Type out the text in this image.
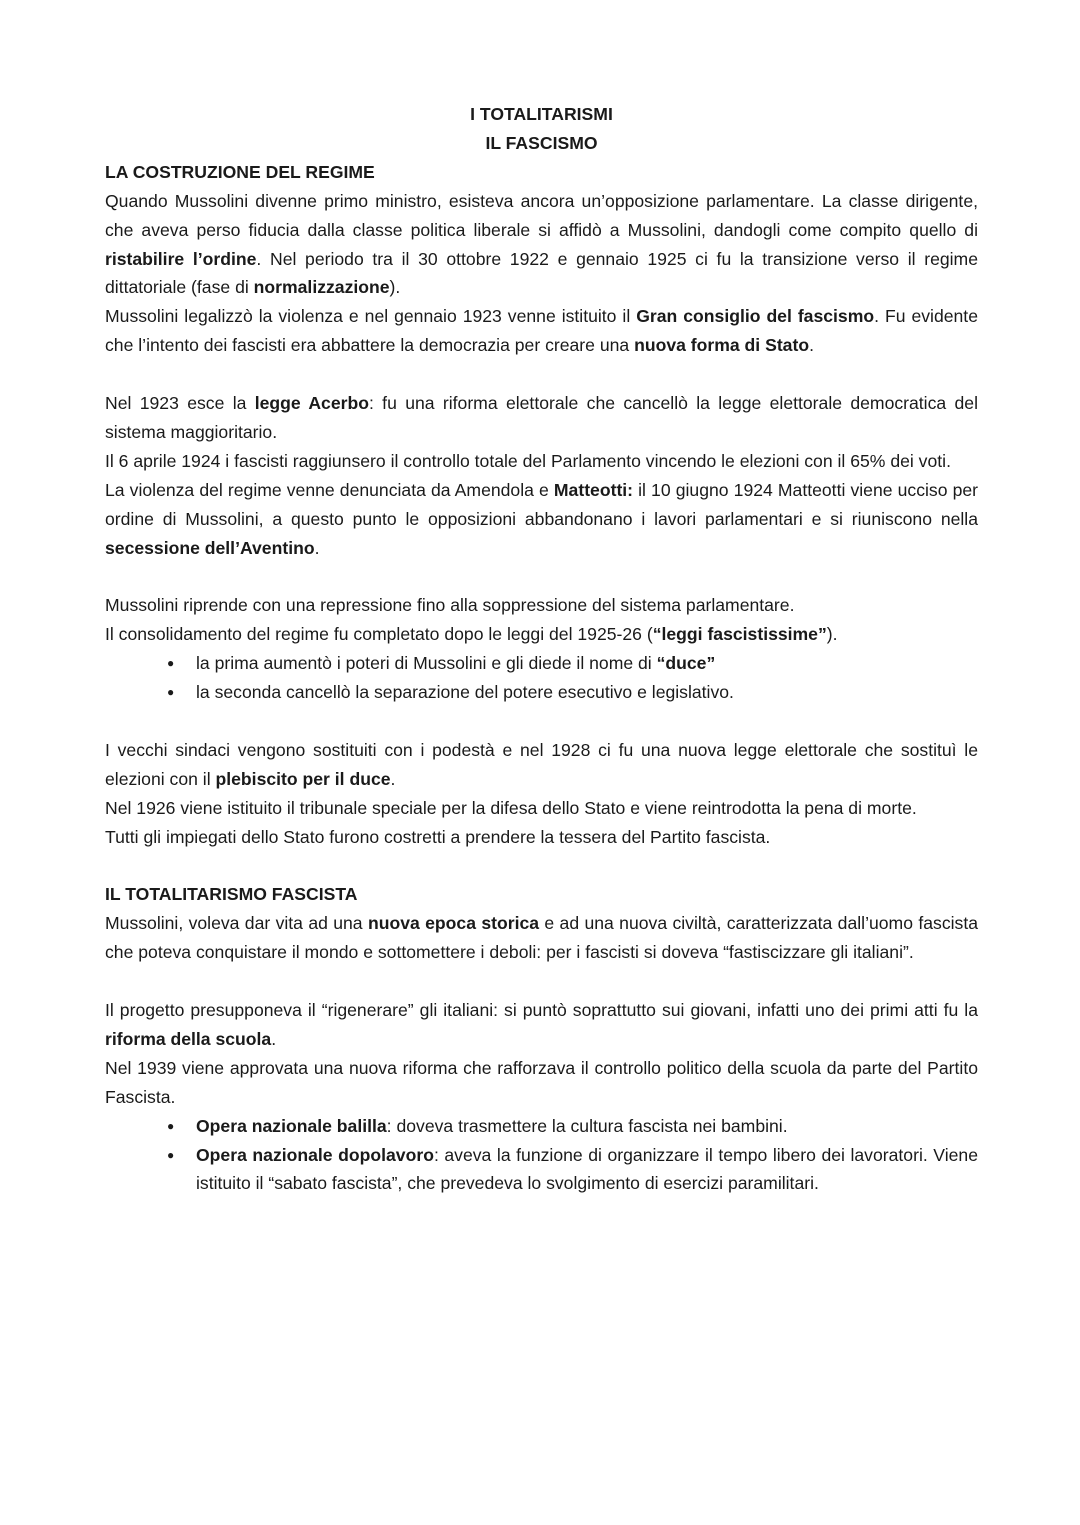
I TOTALITARISMI

IL FASCISMO

LA COSTRUZIONE DEL REGIME

Quando Mussolini divenne primo ministro, esisteva ancora un’opposizione parlamentare. La classe dirigente, che aveva perso fiducia dalla classe politica liberale si affidò a Mussolini, dandogli come compito quello di ristabilire l’ordine. Nel periodo tra il 30 ottobre 1922 e gennaio 1925 ci fu la transizione verso il regime dittatoriale (fase di normalizzazione).

Mussolini legalizzò la violenza e nel gennaio 1923 venne istituito il Gran consiglio del fascismo. Fu evidente che l’intento dei fascisti era abbattere la democrazia per creare una nuova forma di Stato.

Nel 1923 esce la legge Acerbo: fu una riforma elettorale che cancellò la legge elettorale democratica del sistema maggioritario.

Il 6 aprile 1924 i fascisti raggiunsero il controllo totale del Parlamento vincendo le elezioni con il 65% dei voti.

La violenza del regime venne denunciata da Amendola e Matteotti: il 10 giugno 1924 Matteotti viene ucciso per ordine di Mussolini, a questo punto le opposizioni abbandonano i lavori parlamentari e si riuniscono nella secessione dell’Aventino.

Mussolini riprende con una repressione fino alla soppressione del sistema parlamentare.

Il consolidamento del regime fu completato dopo le leggi del 1925-26 (“leggi fascistissime”).

● la prima aumentò i poteri di Mussolini e gli diede il nome di “duce”
● la seconda cancellò la separazione del potere esecutivo e legislativo.

I vecchi sindaci vengono sostituiti con i podestà e nel 1928 ci fu una nuova legge elettorale che sostituì le elezioni con il plebiscito per il duce.

Nel 1926 viene istituito il tribunale speciale per la difesa dello Stato e viene reintrodotta la pena di morte.

Tutti gli impiegati dello Stato furono costretti a prendere la tessera del Partito fascista.

IL TOTALITARISMO FASCISTA

Mussolini, voleva dar vita ad una nuova epoca storica e ad una nuova civiltà, caratterizzata dall’uomo fascista che poteva conquistare il mondo e sottomettere i deboli: per i fascisti si doveva “fastiscizzare gli italiani”.

Il progetto presupponeva il “rigenerare” gli italiani: si puntò soprattutto sui giovani, infatti uno dei primi atti fu la riforma della scuola.

Nel 1939 viene approvata una nuova riforma che rafforzava il controllo politico della scuola da parte del Partito Fascista.

● Opera nazionale balilla: doveva trasmettere la cultura fascista nei bambini.
● Opera nazionale dopolavoro: aveva la funzione di organizzare il tempo libero dei lavoratori. Viene istituito il “sabato fascista”, che prevedeva lo svolgimento di esercizi paramilitari.
